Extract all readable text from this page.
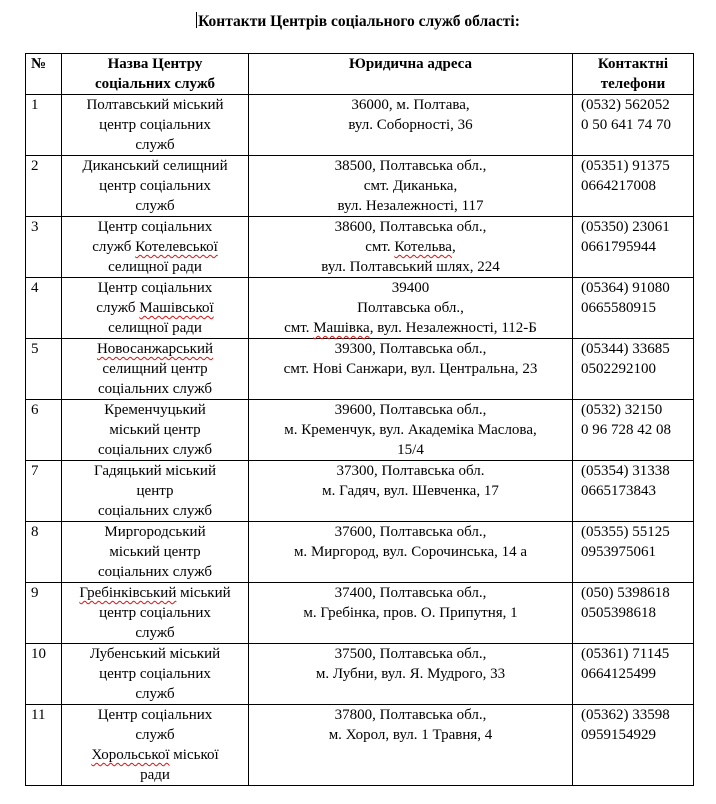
Контакти Центрів соціального служб області:
№	Назва Центру
соціальних служб	Юридична адреса	Контактні
телефони

1	Полтавський міський
центр соціальних
служб	36000, м. Полтава,
вул. Соборності, 36	(0532) 562052
0 50 641 74 70

2	Диканський селищний
центр соціальних
служб	38500, Полтавська обл.,
смт. Диканька,
вул. Незалежності, 117	(05351) 91375
0664217008

3	Центр соціальних
служб Котелевської
селищної ради	38600, Полтавська обл.,
смт. Котельва,
вул. Полтавський шлях, 224	(05350) 23061
0661795944

4	Центр соціальних
служб Машівської
селищної ради	39400
Полтавська обл.,
смт. Машівка, вул. Незалежності, 112-Б	(05364) 91080
0665580915

5	Новосанжарський
селищний центр
соціальних служб	39300, Полтавська обл.,
смт. Нові Санжари, вул. Центральна, 23	(05344) 33685
0502292100

6	Кременчуцький
міський центр
соціальних служб	39600, Полтавська обл.,
м. Кременчук, вул. Академіка Маслова,
15/4	(0532) 32150
0 96 728 42 08

7	Гадяцький міський
центр
соціальних служб	37300, Полтавська обл.
м. Гадяч, вул. Шевченка, 17	(05354) 31338
0665173843

8	Миргородський
міський центр
соціальних служб	37600, Полтавська обл.,
м. Миргород, вул. Сорочинська, 14 а	(05355) 55125
0953975061

9	Гребінківський міський
центр соціальних
служб	37400, Полтавська обл.,
м. Гребінка, пров. О. Припутня, 1	(050) 5398618
0505398618

10	Лубенський міський
центр соціальних
служб	37500, Полтавська обл.,
м. Лубни, вул. Я. Мудрого, 33	(05361) 71145
0664125499

11	Центр соціальних
служб
Хорольської міської
ради	37800, Полтавська обл.,
м. Хорол, вул. 1 Травня, 4	(05362) 33598
0959154929
